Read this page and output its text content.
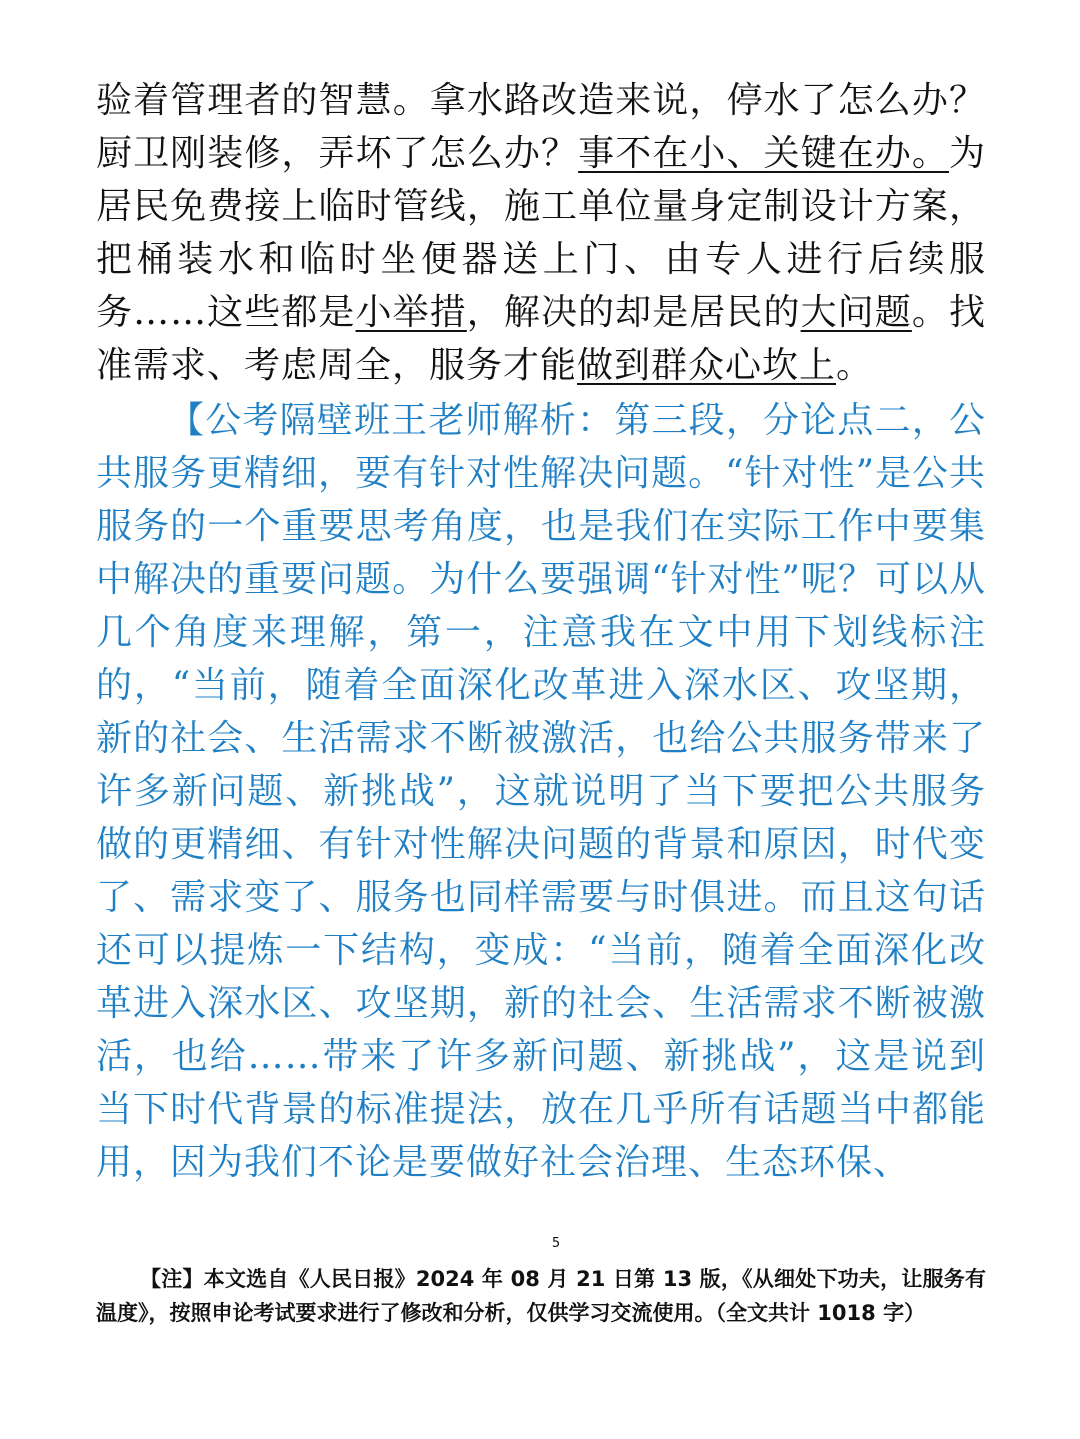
验着管理者的智慧。拿水路改造来说，停水了怎么办？厨卫刚装修，弄坏了怎么办？事不在小、关键在办。为居民免费接上临时管线，施工单位量身定制设计方案，把桶装水和临时坐便器送上门、由专人进行后续服务……这些都是小举措，解决的却是居民的大问题。找准需求、考虑周全，服务才能做到群众心坎上。

【公考隔壁班王老师解析：第三段，分论点二，公共服务更精细，要有针对性解决问题。“针对性”是公共服务的一个重要思考角度，也是我们在实际工作中要集中解决的重要问题。为什么要强调“针对性”呢？可以从几个角度来理解，第一，注意我在文中用下划线标注的，“当前，随着全面深化改革进入深水区、攻坚期，新的社会、生活需求不断被激活，也给公共服务带来了许多新问题、新挑战”，这就说明了当下要把公共服务做的更精细、有针对性解决问题的背景和原因，时代变了、需求变了、服务也同样需要与时俱进。而且这句话还可以提炼一下结构，变成：“当前，随着全面深化改革进入深水区、攻坚期，新的社会、生活需求不断被激活，也给……带来了许多新问题、新挑战”，这是说到当下时代背景的标准提法，放在几乎所有话题当中都能用，因为我们不论是要做好社会治理、生态环保、

5

【注】本文选自《人民日报》2024 年 08 月 21 日第 13 版，《从细处下功夫，让服务有温度》，按照申论考试要求进行了修改和分析，仅供学习交流使用。（全文共计 1018 字）
